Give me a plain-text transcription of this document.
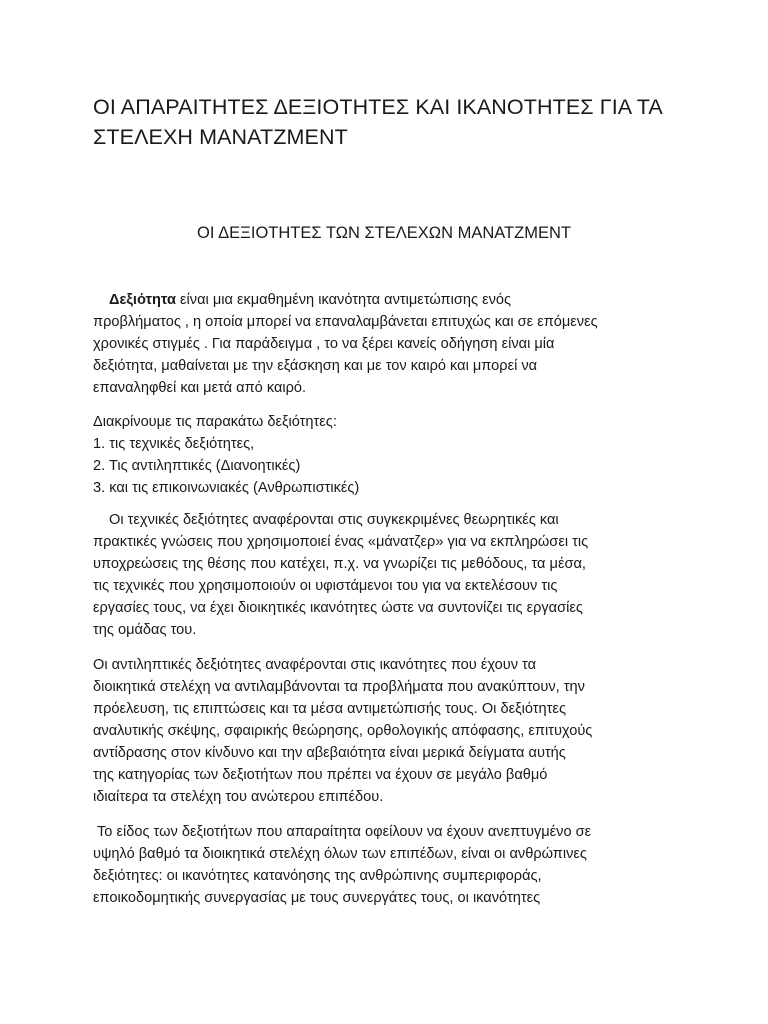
ΟΙ ΑΠΑΡΑΙΤΗΤΕΣ ΔΕΞΙΟΤΗΤΕΣ ΚΑΙ ΙΚΑΝΟΤΗΤΕΣ ΓΙΑ ΤΑ
ΣΤΕΛΕΧΗ ΜΑΝΑΤΖΜΕΝΤ
ΟΙ ΔΕΞΙΟΤΗΤΕΣ ΤΩΝ ΣΤΕΛΕΧΩΝ ΜΑΝΑΤΖΜΕΝΤ
Δεξιότητα είναι μια εκμαθημένη ικανότητα αντιμετώπισης ενός
προβλήματος , η οποία μπορεί να επαναλαμβάνεται επιτυχώς και σε επόμενες
χρονικές στιγμές . Για παράδειγμα , το να ξέρει κανείς οδήγηση είναι μία
δεξιότητα, μαθαίνεται με την εξάσκηση και με τον καιρό και μπορεί να
επαναληφθεί και μετά από καιρό.
Διακρίνουμε τις παρακάτω δεξιότητες:
1. τις τεχνικές δεξιότητες,
2. Τις αντιληπτικές (Διανοητικές)
3. και τις επικοινωνιακές (Ανθρωπιστικές)
Οι τεχνικές δεξιότητες αναφέρονται στις συγκεκριμένες θεωρητικές και
πρακτικές γνώσεις που χρησιμοποιεί ένας «μάνατζερ» για να εκπληρώσει τις
υποχρεώσεις της θέσης που κατέχει, π.χ. να γνωρίζει τις μεθόδους, τα μέσα,
τις τεχνικές που χρησιμοποιούν οι υφιστάμενοι του για να εκτελέσουν τις
εργασίες τους, να έχει διοικητικές ικανότητες ώστε να συντονίζει τις εργασίες
της ομάδας του.
Οι αντιληπτικές δεξιότητες αναφέρονται στις ικανότητες που έχουν τα
διοικητικά στελέχη να αντιλαμβάνονται τα προβλήματα που ανακύπτουν, την
πρόελευση, τις επιπτώσεις και τα μέσα αντιμετώπισής τους. Οι δεξιότητες
αναλυτικής σκέψης, σφαιρικής θεώρησης, ορθολογικής απόφασης, επιτυχούς
αντίδρασης στον κίνδυνο και την αβεβαιότητα είναι μερικά δείγματα αυτής
της κατηγορίας των δεξιοτήτων που πρέπει να έχουν σε μεγάλο βαθμό
ιδιαίτερα τα στελέχη του ανώτερου επιπέδου.
Το είδος των δεξιοτήτων που απαραίτητα οφείλουν να έχουν ανεπτυγμένο σε
υψηλό βαθμό τα διοικητικά στελέχη όλων των επιπέδων, είναι οι ανθρώπινες
δεξιότητες: οι ικανότητες κατανόησης της ανθρώπινης συμπεριφοράς,
εποικοδομητικής συνεργασίας με τους συνεργάτες τους, οι ικανότητες
